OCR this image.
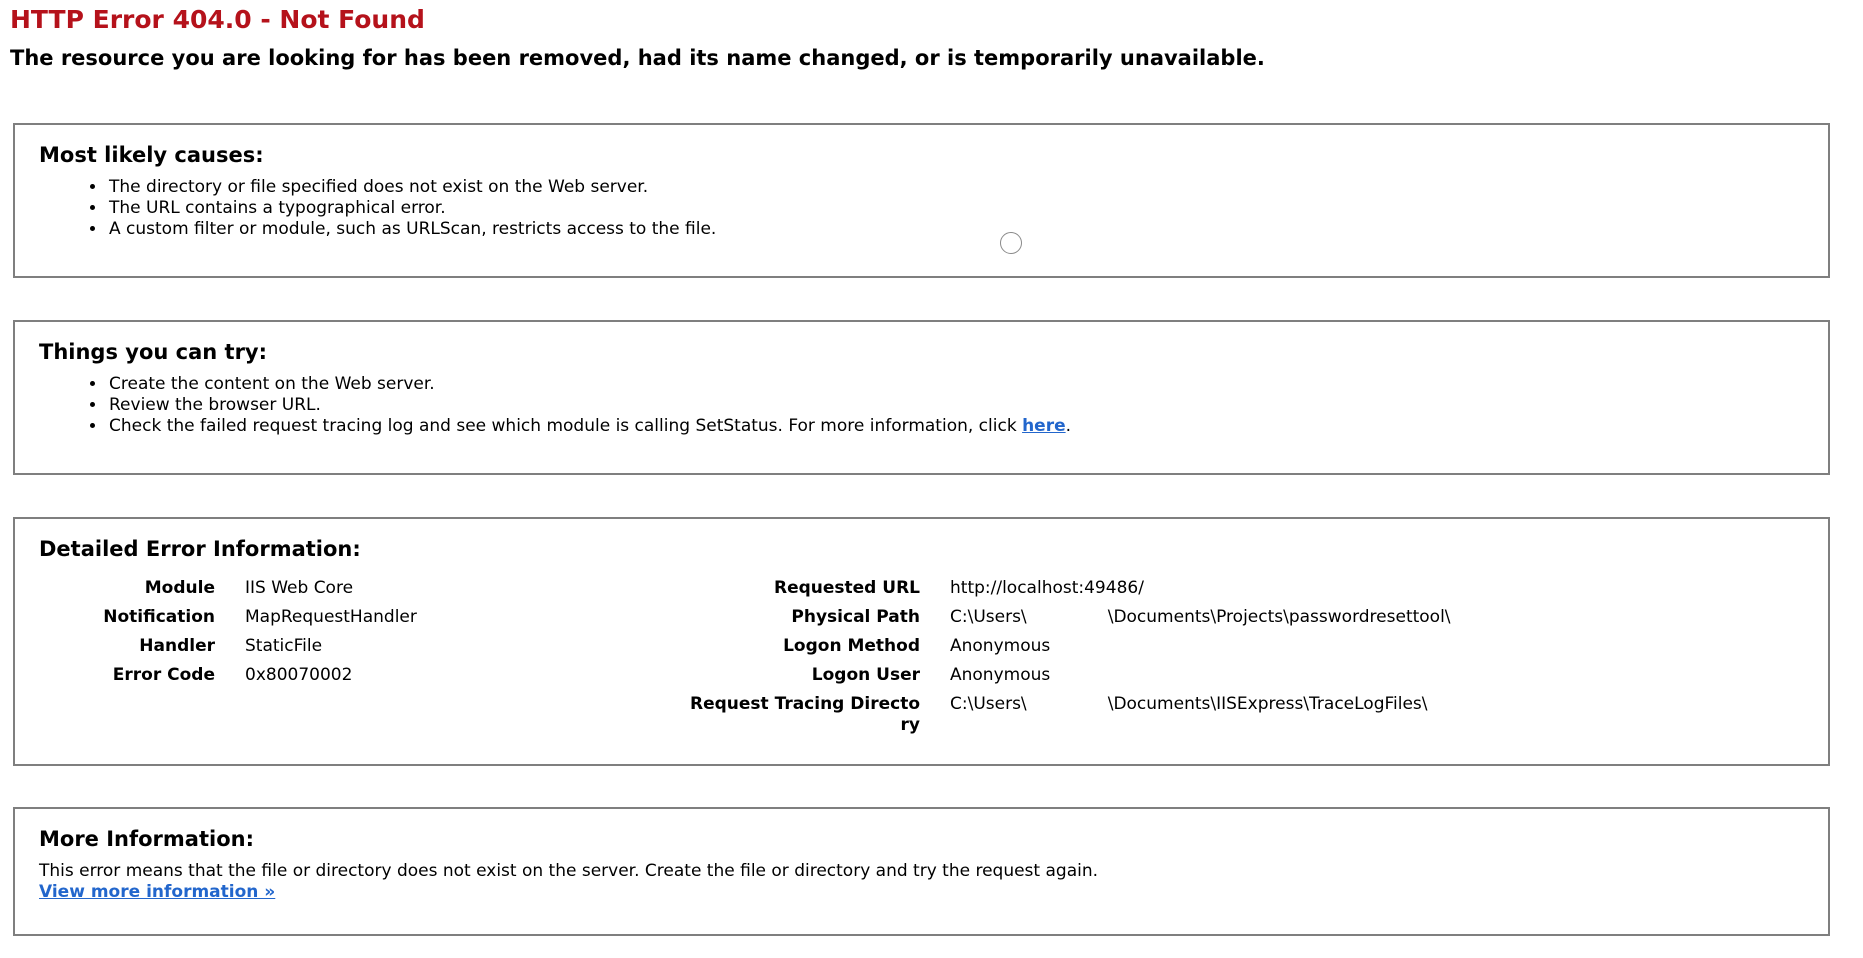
HTTP Error 404.0 - Not Found
The resource you are looking for has been removed, had its name changed, or is temporarily unavailable.
Most likely causes:
• The directory or file specified does not exist on the Web server.
• The URL contains a typographical error.
• A custom filter or module, such as URLScan, restricts access to the file.
Things you can try:
• Create the content on the Web server.
• Review the browser URL.
• Check the failed request tracing log and see which module is calling SetStatus. For more information, click here.
Detailed Error Information:
Module	IIS Web Core
Notification	MapRequestHandler
Handler	StaticFile
Error Code	0x80070002
Requested URL	http://localhost:49486/
Physical Path	C:\Users\               \Documents\Projects\passwordresettool\
Logon Method	Anonymous
Logon User	Anonymous
Request Tracing Directory	C:\Users\               \Documents\IISExpress\TraceLogFiles\
More Information:
This error means that the file or directory does not exist on the server. Create the file or directory and try the request again.
View more information »
